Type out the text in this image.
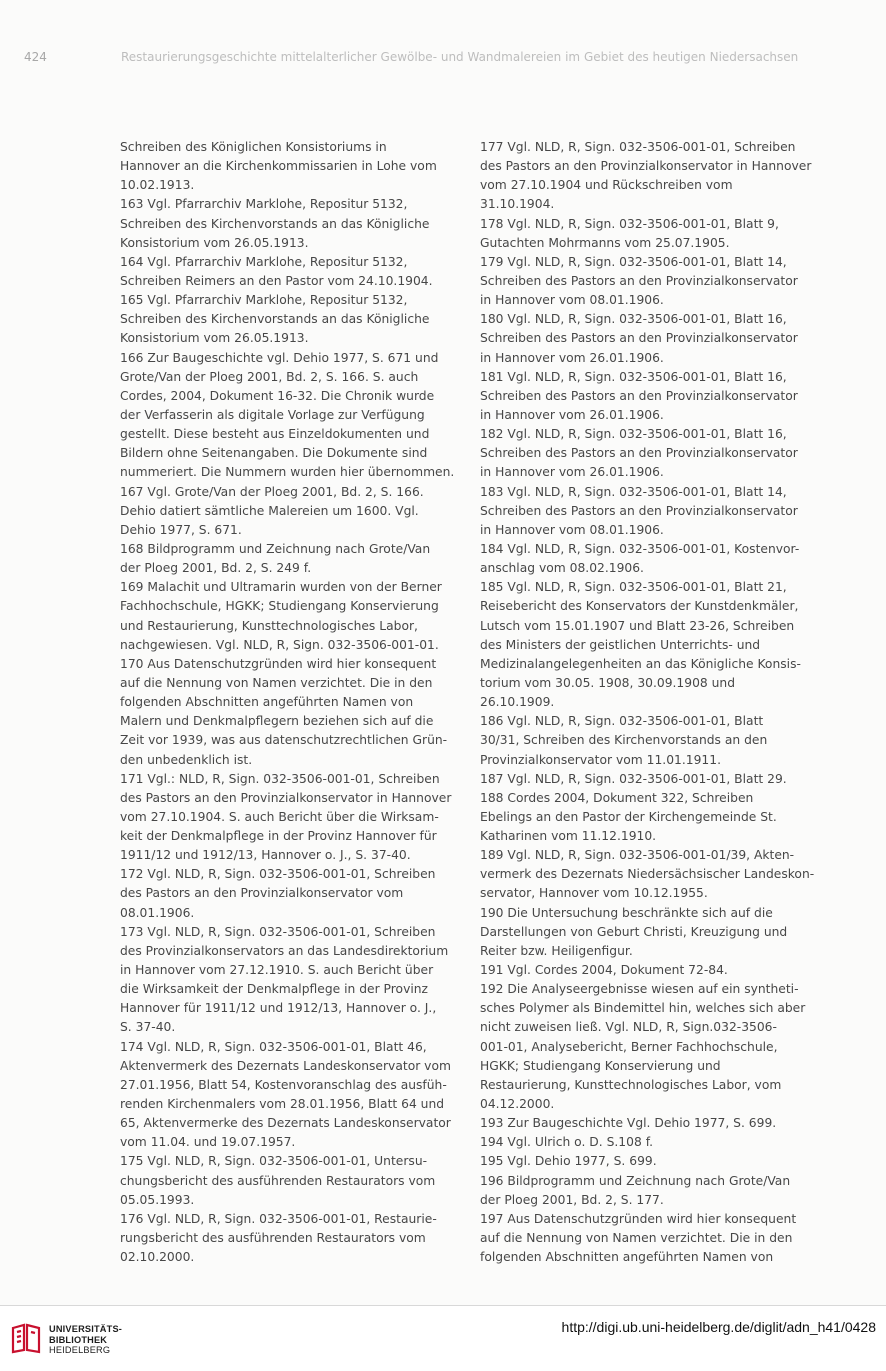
424	Restaurierungsgeschichte mittelalterlicher Gewölbe- und Wandmalereien im Gebiet des heutigen Niedersachsen
Schreiben des Königlichen Konsistoriums in
Hannover an die Kirchenkommissarien in Lohe vom
10.02.1913.
163 Vgl. Pfarrarchiv Marklohe, Repositur 5132,
Schreiben des Kirchenvorstands an das Königliche
Konsistorium vom 26.05.1913.
164 Vgl. Pfarrarchiv Marklohe, Repositur 5132,
Schreiben Reimers an den Pastor vom 24.10.1904.
165 Vgl. Pfarrarchiv Marklohe, Repositur 5132,
Schreiben des Kirchenvorstands an das Königliche
Konsistorium vom 26.05.1913.
166 Zur Baugeschichte vgl. Dehio 1977, S. 671 und
Grote/Van der Ploeg 2001, Bd. 2, S. 166. S. auch
Cordes, 2004, Dokument 16-32. Die Chronik wurde
der Verfasserin als digitale Vorlage zur Verfügung
gestellt. Diese besteht aus Einzeldokumenten und
Bildern ohne Seitenangaben. Die Dokumente sind
nummeriert. Die Nummern wurden hier übernommen.
167 Vgl. Grote/Van der Ploeg 2001, Bd. 2, S. 166.
Dehio datiert sämtliche Malereien um 1600. Vgl.
Dehio 1977, S. 671.
168 Bildprogramm und Zeichnung nach Grote/Van
der Ploeg 2001, Bd. 2, S. 249 f.
169 Malachit und Ultramarin wurden von der Berner
Fachhochschule, HGKK; Studiengang Konservierung
und Restaurierung, Kunsttechnologisches Labor,
nachgewiesen. Vgl. NLD, R, Sign. 032-3506-001-01.
170 Aus Datenschutzgründen wird hier konsequent
auf die Nennung von Namen verzichtet. Die in den
folgenden Abschnitten angeführten Namen von
Malern und Denkmalpflegern beziehen sich auf die
Zeit vor 1939, was aus datenschutzrechtlichen Grün-
den unbedenklich ist.
171 Vgl.: NLD, R, Sign. 032-3506-001-01, Schreiben
des Pastors an den Provinzialkonservator in Hannover
vom 27.10.1904. S. auch Bericht über die Wirksam-
keit der Denkmalpflege in der Provinz Hannover für
1911/12 und 1912/13, Hannover o. J., S. 37-40.
172 Vgl. NLD, R, Sign. 032-3506-001-01, Schreiben
des Pastors an den Provinzialkonservator vom
08.01.1906.
173 Vgl. NLD, R, Sign. 032-3506-001-01, Schreiben
des Provinzialkonservators an das Landesdirektorium
in Hannover vom 27.12.1910. S. auch Bericht über
die Wirksamkeit der Denkmalpflege in der Provinz
Hannover für 1911/12 und 1912/13, Hannover o. J.,
S. 37-40.
174 Vgl. NLD, R, Sign. 032-3506-001-01, Blatt 46,
Aktenvermerk des Dezernats Landeskonservator vom
27.01.1956, Blatt 54, Kostenvoranschlag des ausfüh-
renden Kirchenmalers vom 28.01.1956, Blatt 64 und
65, Aktenvermerke des Dezernats Landeskonservator
vom 11.04. und 19.07.1957.
175 Vgl. NLD, R, Sign. 032-3506-001-01, Untersu-
chungsbericht des ausführenden Restaurators vom
05.05.1993.
176 Vgl. NLD, R, Sign. 032-3506-001-01, Restaurie-
rungsbericht des ausführenden Restaurators vom
02.10.2000.
177 Vgl. NLD, R, Sign. 032-3506-001-01, Schreiben
des Pastors an den Provinzialkonservator in Hannover
vom 27.10.1904 und Rückschreiben vom
31.10.1904.
178 Vgl. NLD, R, Sign. 032-3506-001-01, Blatt 9,
Gutachten Mohrmanns vom 25.07.1905.
179 Vgl. NLD, R, Sign. 032-3506-001-01, Blatt 14,
Schreiben des Pastors an den Provinzialkonservator
in Hannover vom 08.01.1906.
180 Vgl. NLD, R, Sign. 032-3506-001-01, Blatt 16,
Schreiben des Pastors an den Provinzialkonservator
in Hannover vom 26.01.1906.
181 Vgl. NLD, R, Sign. 032-3506-001-01, Blatt 16,
Schreiben des Pastors an den Provinzialkonservator
in Hannover vom 26.01.1906.
182 Vgl. NLD, R, Sign. 032-3506-001-01, Blatt 16,
Schreiben des Pastors an den Provinzialkonservator
in Hannover vom 26.01.1906.
183 Vgl. NLD, R, Sign. 032-3506-001-01, Blatt 14,
Schreiben des Pastors an den Provinzialkonservator
in Hannover vom 08.01.1906.
184 Vgl. NLD, R, Sign. 032-3506-001-01, Kostenvor-
anschlag vom 08.02.1906.
185 Vgl. NLD, R, Sign. 032-3506-001-01, Blatt 21,
Reisebericht des Konservators der Kunstdenkmäler,
Lutsch vom 15.01.1907 und Blatt 23-26, Schreiben
des Ministers der geistlichen Unterrichts- und
Medizinalangelegenheiten an das Königliche Konsis-
torium vom 30.05. 1908, 30.09.1908 und
26.10.1909.
186 Vgl. NLD, R, Sign. 032-3506-001-01, Blatt
30/31, Schreiben des Kirchenvorstands an den
Provinzialkonservator vom 11.01.1911.
187 Vgl. NLD, R, Sign. 032-3506-001-01, Blatt 29.
188 Cordes 2004, Dokument 322, Schreiben
Ebelings an den Pastor der Kirchengemeinde St.
Katharinen vom 11.12.1910.
189 Vgl. NLD, R, Sign. 032-3506-001-01/39, Akten-
vermerk des Dezernats Niedersächsischer Landeskon-
servator, Hannover vom 10.12.1955.
190 Die Untersuchung beschränkte sich auf die
Darstellungen von Geburt Christi, Kreuzigung und
Reiter bzw. Heiligenfigur.
191 Vgl. Cordes 2004, Dokument 72-84.
192 Die Analyseergebnisse wiesen auf ein syntheti-
sches Polymer als Bindemittel hin, welches sich aber
nicht zuweisen ließ. Vgl. NLD, R, Sign.032-3506-
001-01, Analysebericht, Berner Fachhochschule,
HGKK; Studiengang Konservierung und
Restaurierung, Kunsttechnologisches Labor, vom
04.12.2000.
193 Zur Baugeschichte Vgl. Dehio 1977, S. 699.
194 Vgl. Ulrich o. D. S.108 f.
195 Vgl. Dehio 1977, S. 699.
196 Bildprogramm und Zeichnung nach Grote/Van
der Ploeg 2001, Bd. 2, S. 177.
197 Aus Datenschutzgründen wird hier konsequent
auf die Nennung von Namen verzichtet. Die in den
folgenden Abschnitten angeführten Namen von
UNIVERSITÄTS-
BIBLIOTHEK
HEIDELBERG
http://digi.ub.uni-heidelberg.de/diglit/adn_h41/0428
